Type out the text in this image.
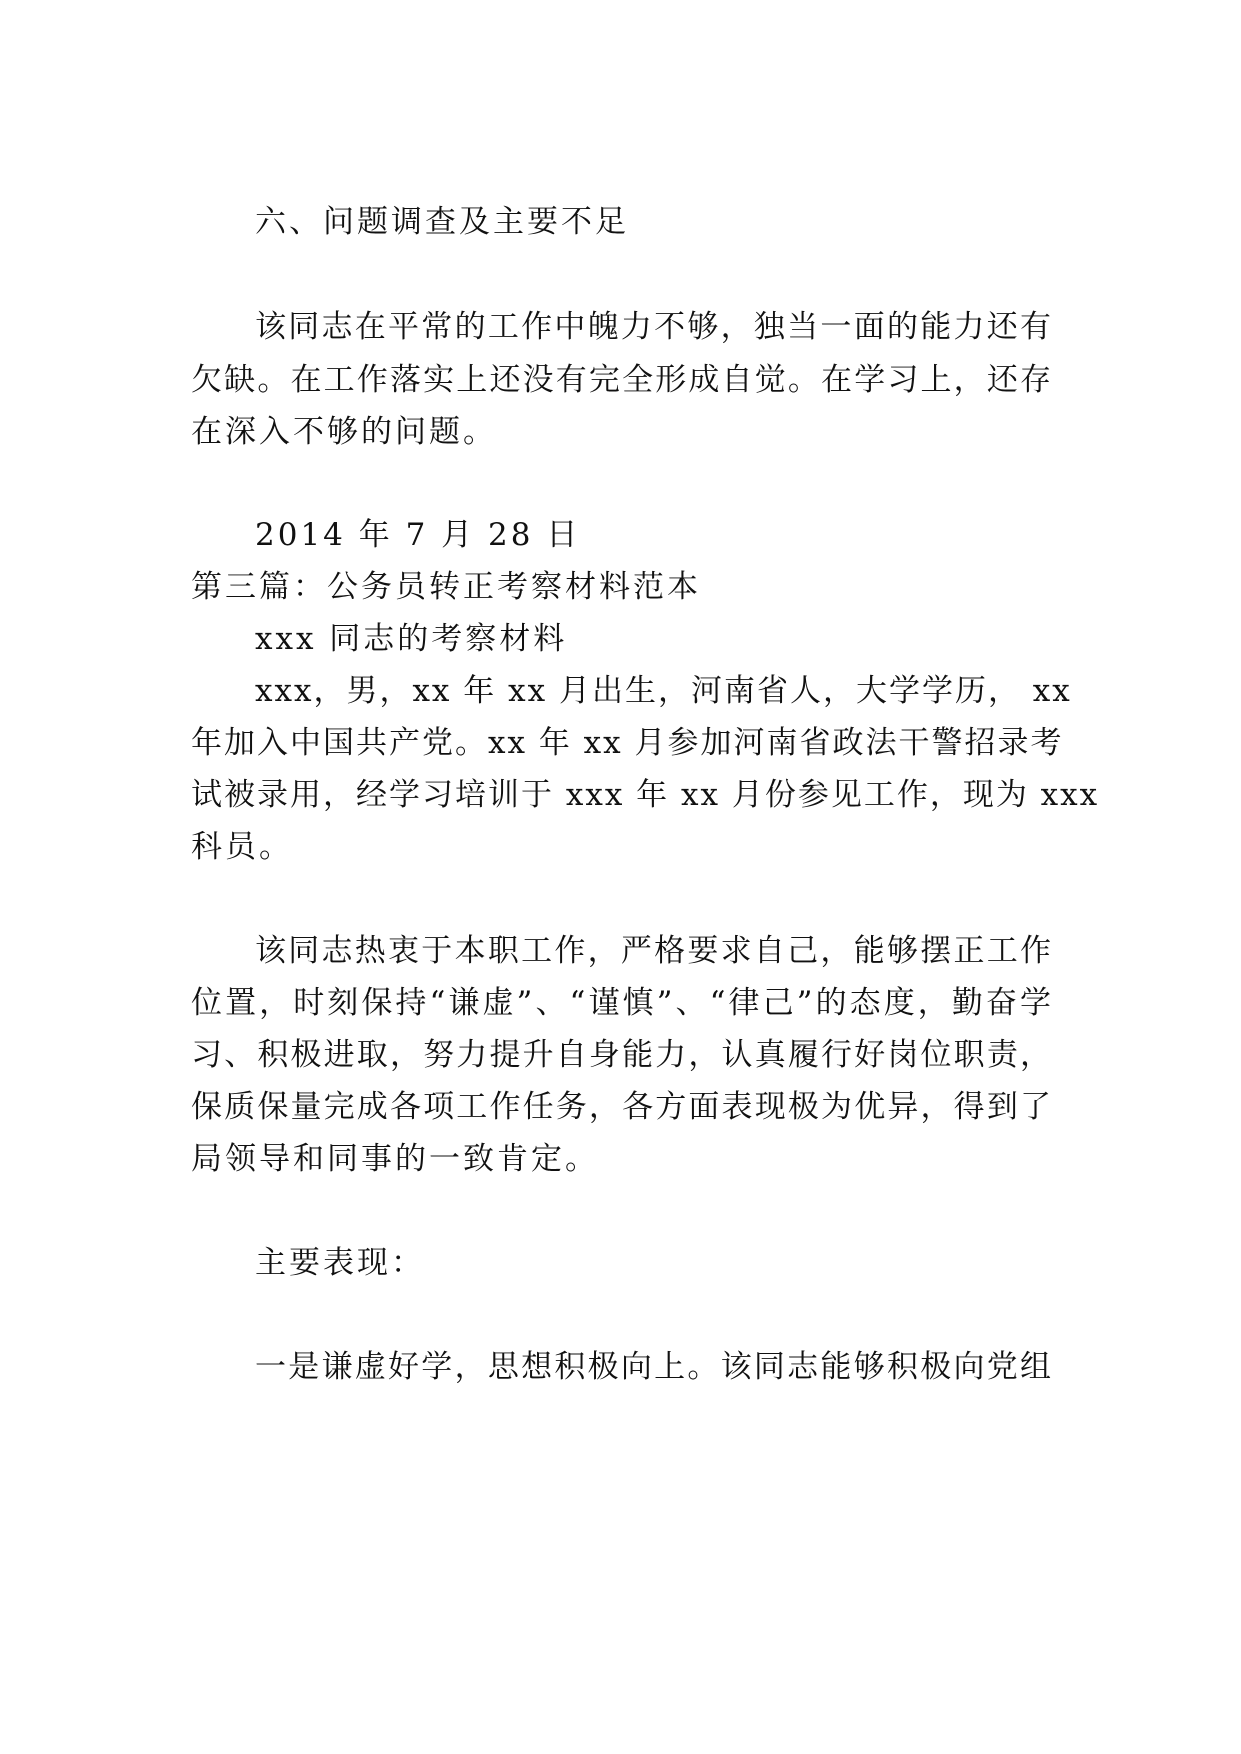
六、问题调查及主要不足
该同志在平常的工作中魄力不够，独当一面的能力还有
欠缺。在工作落实上还没有完全形成自觉。在学习上，还存
在深入不够的问题。
2014 年 7 月 28 日
第三篇：公务员转正考察材料范本
xxx 同志的考察材料
xxx，男，xx 年 xx 月出生，河南省人，大学学历， xx
年加入中国共产党。xx 年 xx 月参加河南省政法干警招录考
试被录用，经学习培训于 xxx 年 xx 月份参见工作，现为 xxx
科员。
该同志热衷于本职工作，严格要求自己，能够摆正工作
位置，时刻保持“谦虚”、“谨慎”、“律己”的态度，勤奋学
习、积极进取，努力提升自身能力，认真履行好岗位职责，
保质保量完成各项工作任务，各方面表现极为优异，得到了
局领导和同事的一致肯定。
主要表现：
一是谦虚好学，思想积极向上。该同志能够积极向党组
